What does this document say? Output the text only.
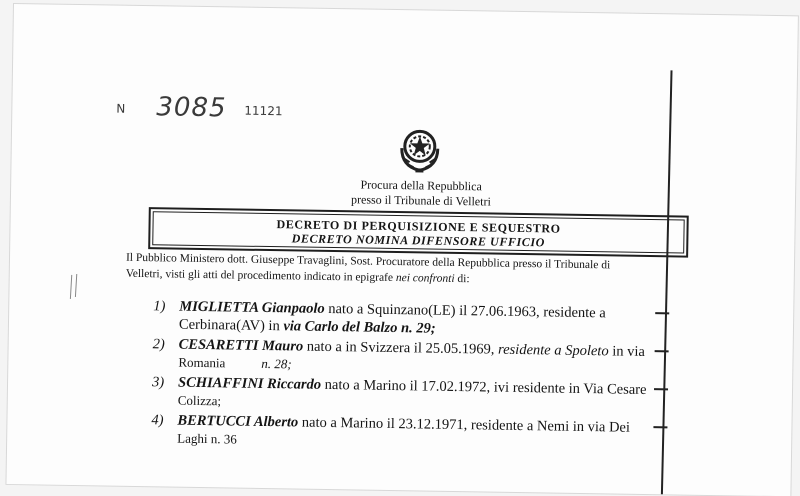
N 3085 11121
Procura della Repubblica
presso il Tribunale di Velletri
DECRETO DI PERQUISIZIONE E SEQUESTRO
DECRETO NOMINA DIFENSORE UFFICIO
Il Pubblico Ministero dott. Giuseppe Travaglini, Sost. Procuratore della Repubblica presso il Tribunale di
Velletri, visti gli atti del procedimento indicato in epigrafe nei confronti di:
1) MIGLIETTA Gianpaolo nato a Squinzano(LE) il 27.06.1963, residente a
Cerbinara(AV) in via Carlo del Balzo n. 29;
2) CESARETTI Mauro nato a in Svizzera il 25.05.1969, residente a Spoleto in via
Romania	n. 28;
3) SCHIAFFINI Riccardo nato a Marino il 17.02.1972, ivi residente in Via Cesare
Colizza;
4) BERTUCCI Alberto nato a Marino il 23.12.1971, residente a Nemi in via Dei
Laghi n. 36
